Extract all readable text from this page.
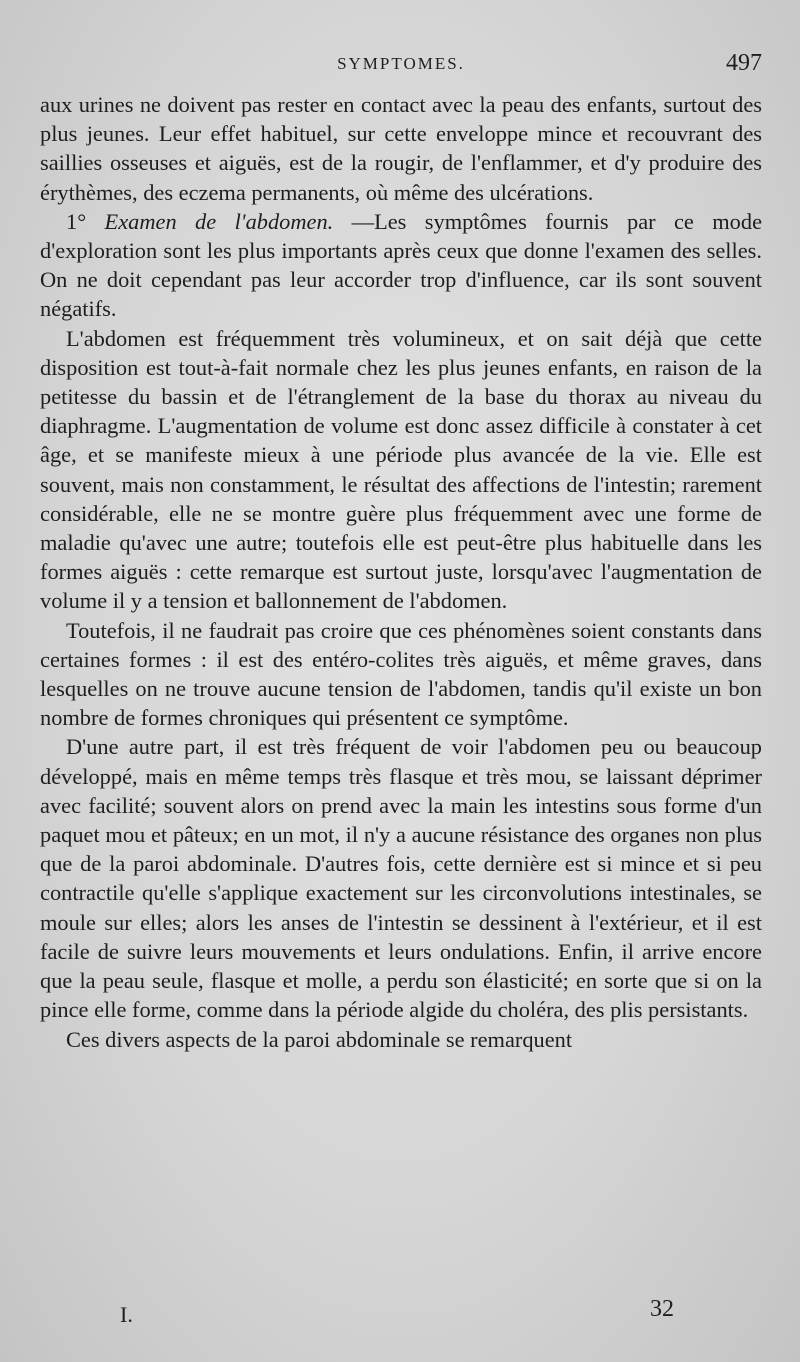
SYMPTOMES.	497

aux urines ne doivent pas rester en contact avec la peau des enfants, surtout des plus jeunes. Leur effet habituel, sur cette enveloppe mince et recouvrant des saillies osseuses et aiguës, est de la rougir, de l'enflammer, et d'y produire des érythèmes, des eczema permanents, où même des ulcérations.

1° Examen de l'abdomen. —Les symptômes fournis par ce mode d'exploration sont les plus importants après ceux que donne l'examen des selles. On ne doit cependant pas leur accorder trop d'influence, car ils sont souvent négatifs.

L'abdomen est fréquemment très volumineux, et on sait déjà que cette disposition est tout-à-fait normale chez les plus jeunes enfants, en raison de la petitesse du bassin et de l'étranglement de la base du thorax au niveau du diaphragme. L'augmentation de volume est donc assez difficile à constater à cet âge, et se manifeste mieux à une période plus avancée de la vie. Elle est souvent, mais non constamment, le résultat des affections de l'intestin; rarement considérable, elle ne se montre guère plus fréquemment avec une forme de maladie qu'avec une autre; toutefois elle est peut-être plus habituelle dans les formes aiguës : cette remarque est surtout juste, lorsqu'avec l'augmentation de volume il y a tension et ballonnement de l'abdomen.

Toutefois, il ne faudrait pas croire que ces phénomènes soient constants dans certaines formes : il est des entéro-colites très aiguës, et même graves, dans lesquelles on ne trouve aucune tension de l'abdomen, tandis qu'il existe un bon nombre de formes chroniques qui présentent ce symptôme.

D'une autre part, il est très fréquent de voir l'abdomen peu ou beaucoup développé, mais en même temps très flasque et très mou, se laissant déprimer avec facilité; souvent alors on prend avec la main les intestins sous forme d'un paquet mou et pâteux; en un mot, il n'y a aucune résistance des organes non plus que de la paroi abdominale. D'autres fois, cette dernière est si mince et si peu contractile qu'elle s'applique exactement sur les circonvolutions intestinales, se moule sur elles; alors les anses de l'intestin se dessinent à l'extérieur, et il est facile de suivre leurs mouvements et leurs ondulations. Enfin, il arrive encore que la peau seule, flasque et molle, a perdu son élasticité; en sorte que si on la pince elle forme, comme dans la période algide du choléra, des plis persistants.

Ces divers aspects de la paroi abdominale se remarquent

I.	32
